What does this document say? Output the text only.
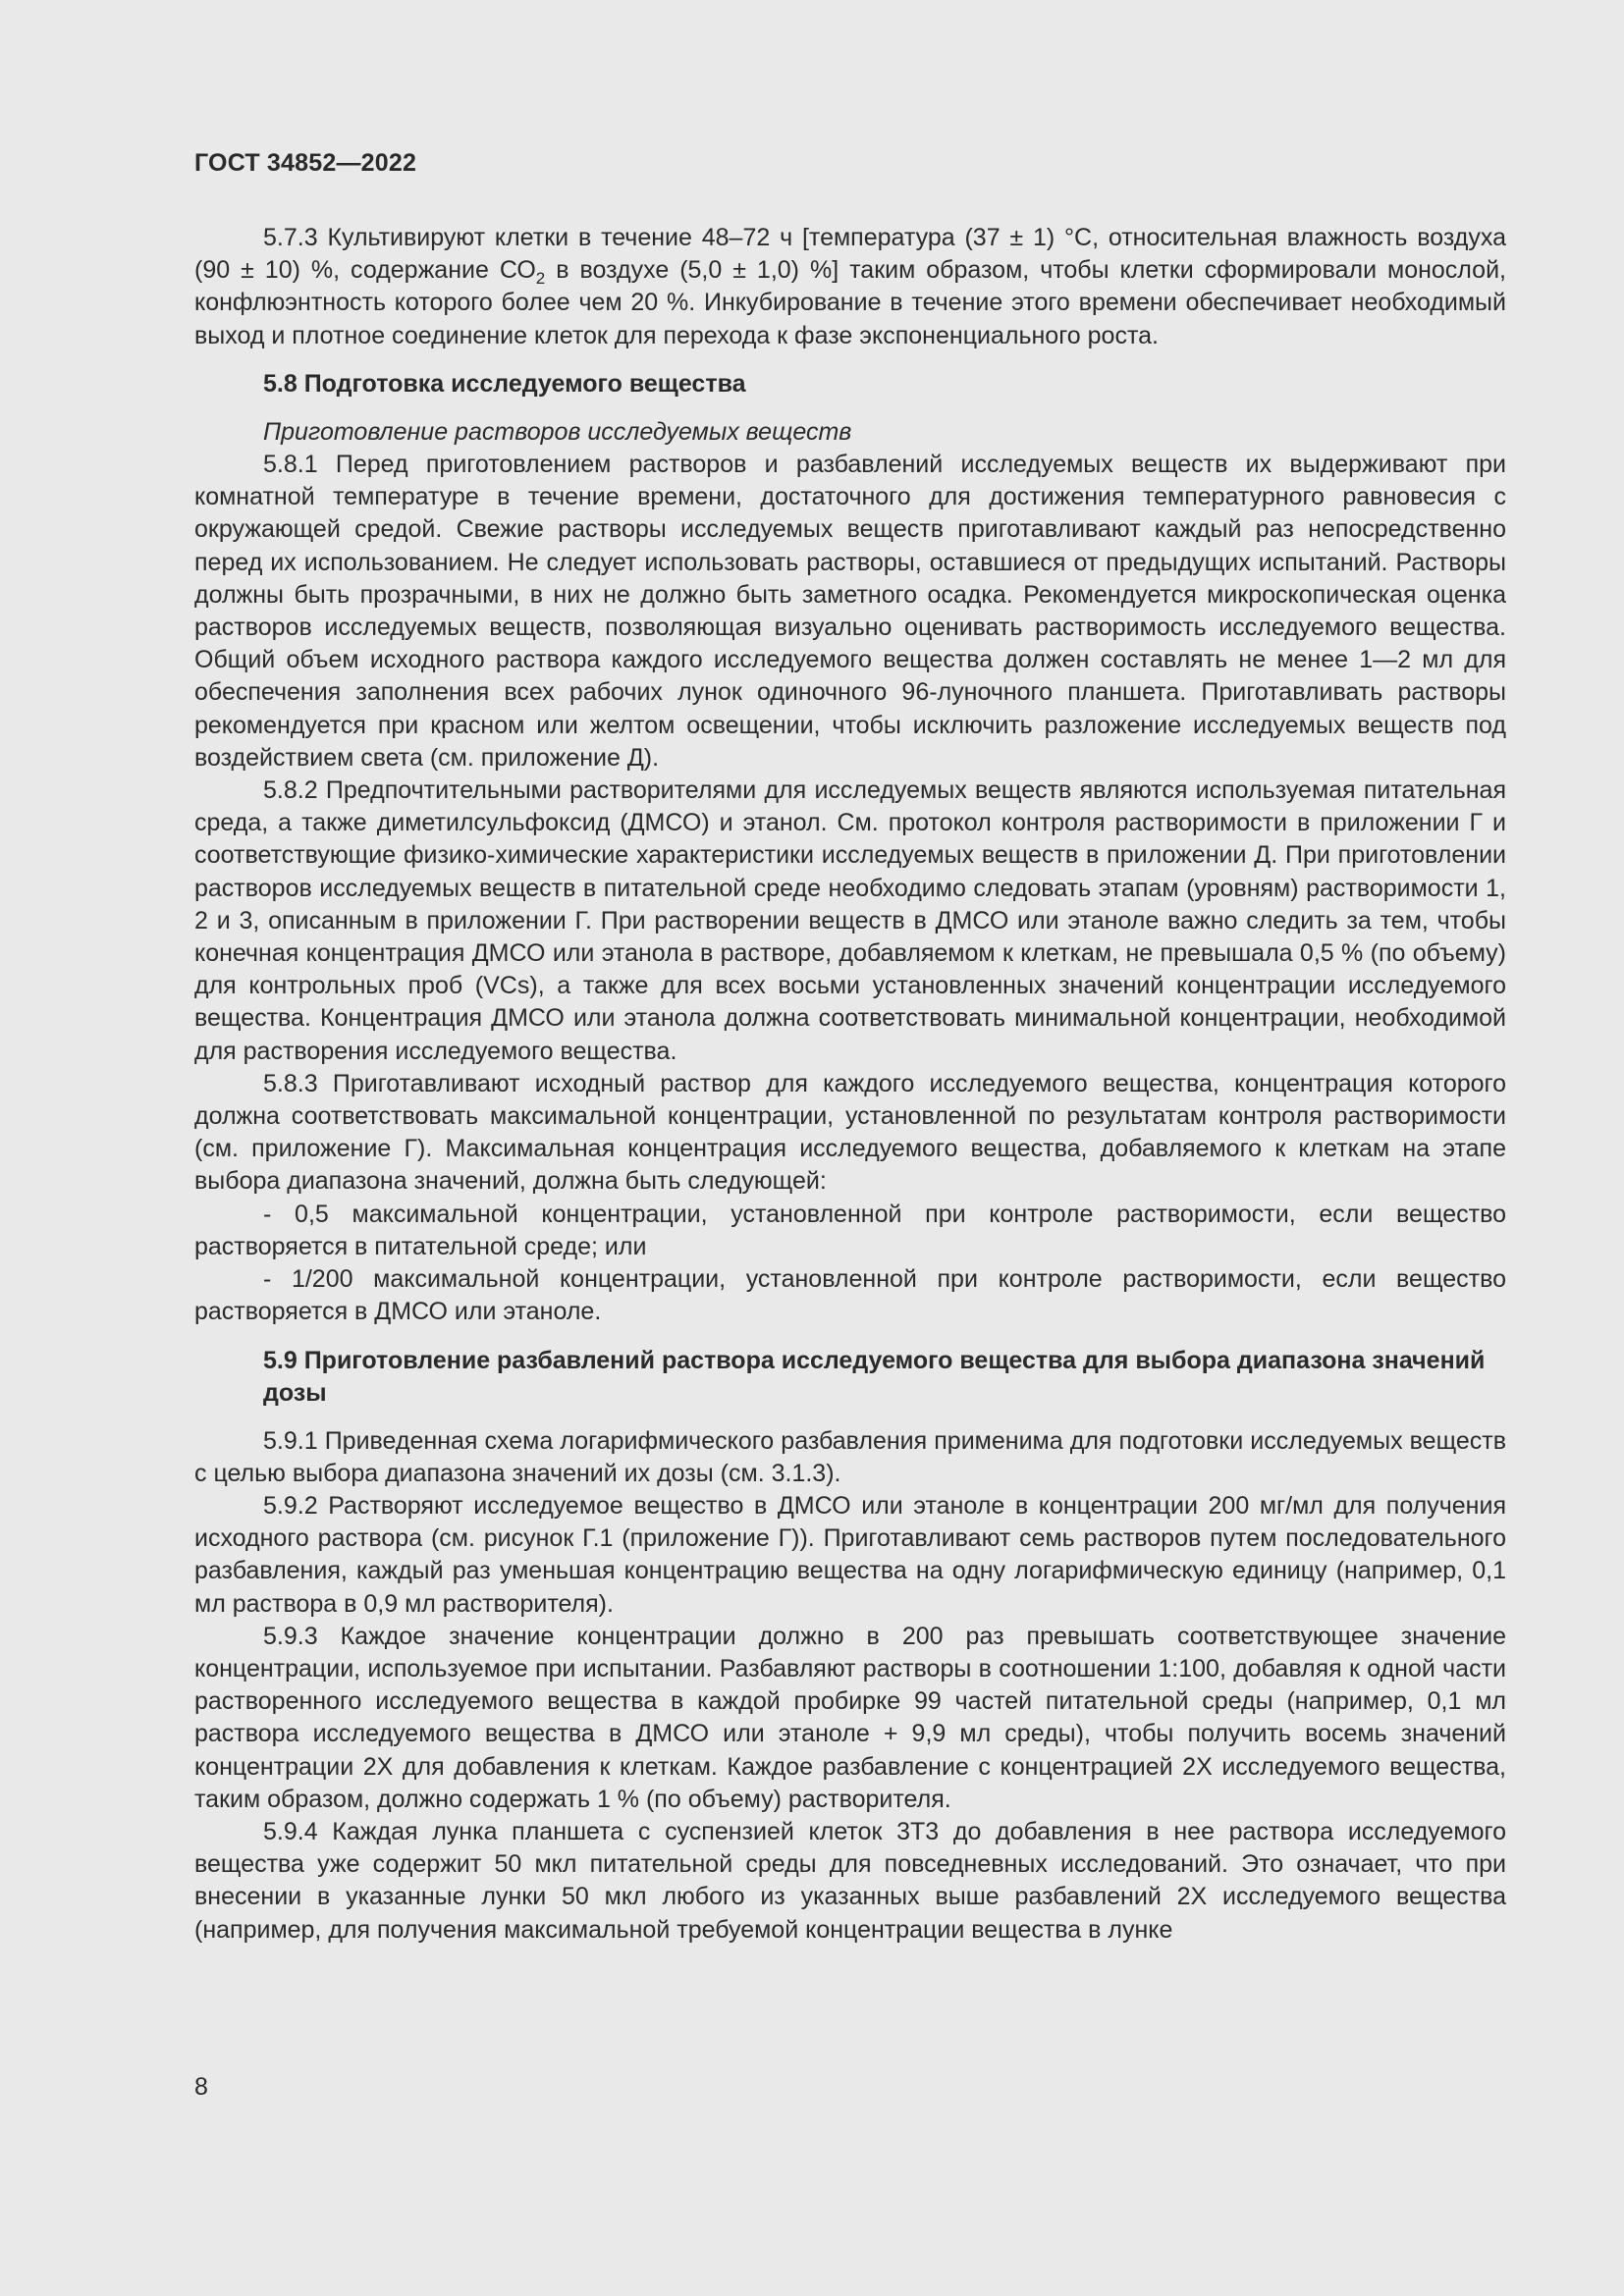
ГОСТ 34852—2022

5.7.3 Культивируют клетки в течение 48–72 ч [температура (37 ± 1) °С, относительная влажность воздуха (90 ± 10) %, содержание $СО_2$ в воздухе (5,0 ± 1,0) %] таким образом, чтобы клетки сформировали монослой, конфлюэнтность которого более чем 20 %. Инкубирование в течение этого времени обеспечивает необходимый выход и плотное соединение клеток для перехода к фазе экспоненциального роста.

5.8 Подготовка исследуемого вещества
Приготовление растворов исследуемых веществ

5.8.1 Перед приготовлением растворов и разбавлений исследуемых веществ их выдерживают при комнатной температуре в течение времени, достаточного для достижения температурного равновесия с окружающей средой. Свежие растворы исследуемых веществ приготавливают каждый раз непосредственно перед их использованием. Не следует использовать растворы, оставшиеся от предыдущих испытаний. Растворы должны быть прозрачными, в них не должно быть заметного осадка. Рекомендуется микроскопическая оценка растворов исследуемых веществ, позволяющая визуально оценивать растворимость исследуемого вещества. Общий объем исходного раствора каждого исследуемого вещества должен составлять не менее 1—2 мл для обеспечения заполнения всех рабочих лунок одиночного 96-луночного планшета. Приготавливать растворы рекомендуется при красном или желтом освещении, чтобы исключить разложение исследуемых веществ под воздействием света (см. приложение Д).

5.8.2 Предпочтительными растворителями для исследуемых веществ являются используемая питательная среда, а также диметилсульфоксид (ДМСО) и этанол. См. протокол контроля растворимости в приложении Г и соответствующие физико-химические характеристики исследуемых веществ в приложении Д. При приготовлении растворов исследуемых веществ в питательной среде необходимо следовать этапам (уровням) растворимости 1, 2 и 3, описанным в приложении Г. При растворении веществ в ДМСО или этаноле важно следить за тем, чтобы конечная концентрация ДМСО или этанола в растворе, добавляемом к клеткам, не превышала 0,5 % (по объему) для контрольных проб (VCs), а также для всех восьми установленных значений концентрации исследуемого вещества. Концентрация ДМСО или этанола должна соответствовать минимальной концентрации, необходимой для растворения исследуемого вещества.

5.8.3 Приготавливают исходный раствор для каждого исследуемого вещества, концентрация которого должна соответствовать максимальной концентрации, установленной по результатам контроля растворимости (см. приложение Г). Максимальная концентрация исследуемого вещества, добавляемого к клеткам на этапе выбора диапазона значений, должна быть следующей:

- 0,5 максимальной концентрации, установленной при контроле растворимости, если вещество растворяется в питательной среде; или

- 1/200 максимальной концентрации, установленной при контроле растворимости, если вещество растворяется в ДМСО или этаноле.

5.9 Приготовление разбавлений раствора исследуемого вещества для выбора диапазона значений дозы

5.9.1 Приведенная схема логарифмического разбавления применима для подготовки исследуемых веществ с целью выбора диапазона значений их дозы (см. 3.1.3).

5.9.2 Растворяют исследуемое вещество в ДМСО или этаноле в концентрации 200 мг/мл для получения исходного раствора (см. рисунок Г.1 (приложение Г)). Приготавливают семь растворов путем последовательного разбавления, каждый раз уменьшая концентрацию вещества на одну логарифмическую единицу (например, 0,1 мл раствора в 0,9 мл растворителя).

5.9.3 Каждое значение концентрации должно в 200 раз превышать соответствующее значение концентрации, используемое при испытании. Разбавляют растворы в соотношении 1:100, добавляя к одной части растворенного исследуемого вещества в каждой пробирке 99 частей питательной среды (например, 0,1 мл раствора исследуемого вещества в ДМСО или этаноле + 9,9 мл среды), чтобы получить восемь значений концентрации 2Х для добавления к клеткам. Каждое разбавление с концентрацией 2Х исследуемого вещества, таким образом, должно содержать 1 % (по объему) растворителя.

5.9.4 Каждая лунка планшета с суспензией клеток 3Т3 до добавления в нее раствора исследуемого вещества уже содержит 50 мкл питательной среды для повседневных исследований. Это означает, что при внесении в указанные лунки 50 мкл любого из указанных выше разбавлений 2Х исследуемого вещества (например, для получения максимальной требуемой концентрации вещества в лунке

8
